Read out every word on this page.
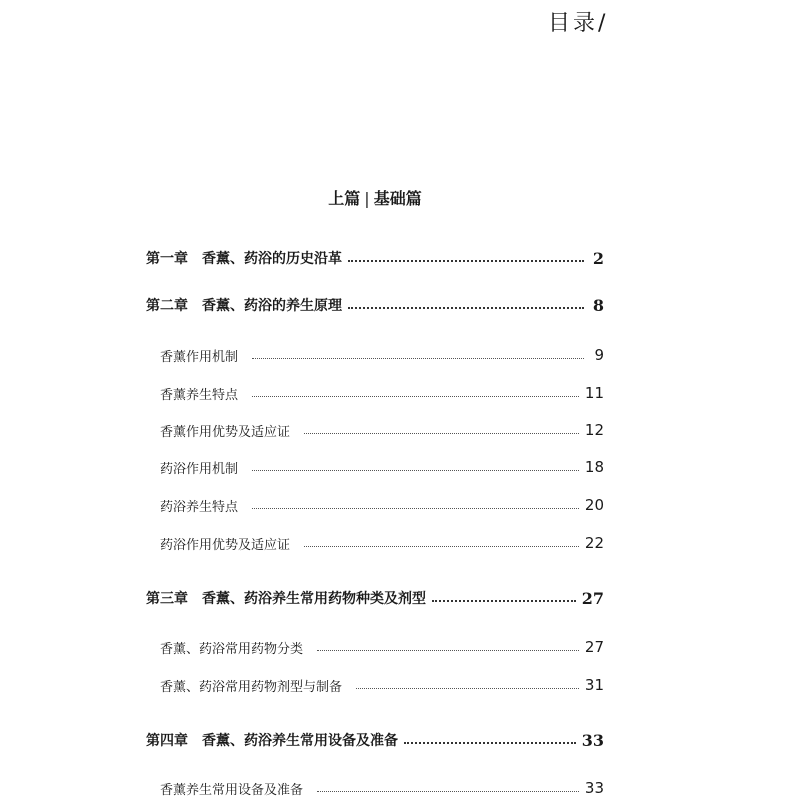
目录/
上篇 | 基础篇
第一章 香薰、药浴的历史沿革	2
第二章 香薰、药浴的养生原理	8
香薰作用机制	9
香薰养生特点	11
香薰作用优势及适应证	12
药浴作用机制	18
药浴养生特点	20
药浴作用优势及适应证	22
第三章 香薰、药浴养生常用药物种类及剂型	27
香薰、药浴常用药物分类	27
香薰、药浴常用药物剂型与制备	31
第四章 香薰、药浴养生常用设备及准备	33
香薰养生常用设备及准备	33
